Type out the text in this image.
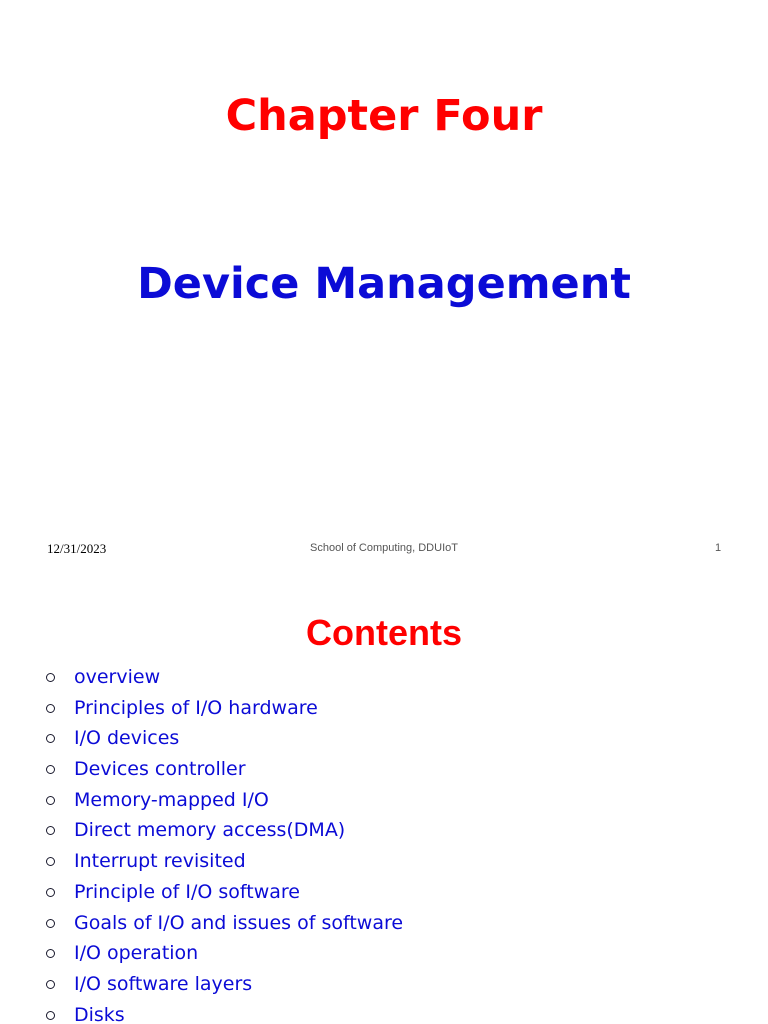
Chapter Four
Device Management
12/31/2023	School of Computing, DDUIoT	1
Contents
overview
Principles of I/O hardware
I/O devices
Devices controller
Memory-mapped I/O
Direct memory access(DMA)
Interrupt revisited
Principle of I/O software
Goals of I/O and issues of software
I/O operation
I/O software layers
Disks
